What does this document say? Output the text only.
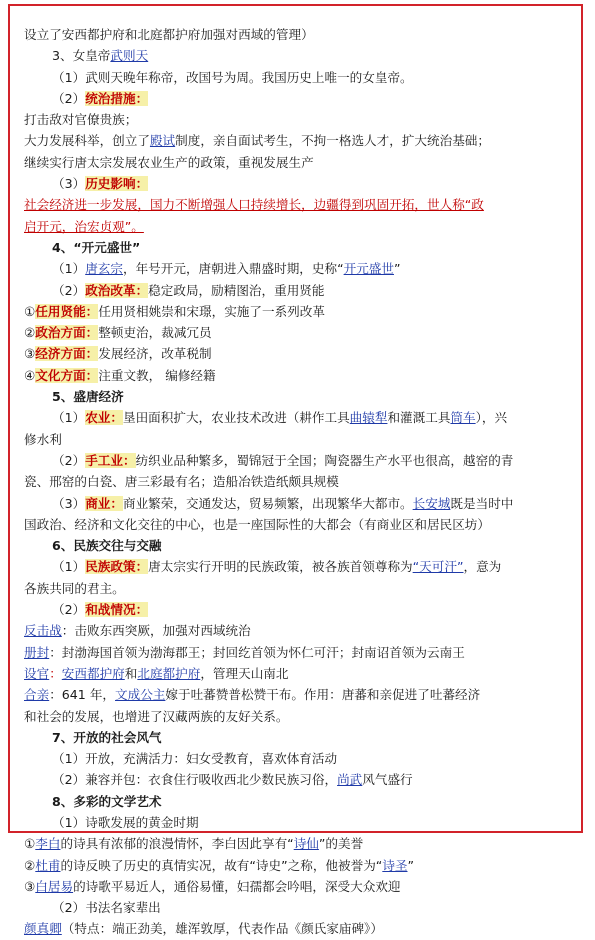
设立了安西都护府和北庭都护府加强对西域的管理）
3、女皇帝武则天
（1）武则天晚年称帝，改国号为周。我国历史上唯一的女皇帝。
（2）统治措施：
打击敌对官僚贵族；
大力发展科举，创立了殿试制度，亲自面试考生，不拘一格选人才，扩大统治基础；
继续实行唐太宗发展农业生产的政策，重视发展生产
（3）历史影响：
社会经济进一步发展，国力不断增强人口持续增长，边疆得到巩固开拓，世人称“政
启开元，治宏贞观”。
4、“开元盛世”
（1）唐玄宗，年号开元，唐朝进入鼎盛时期，史称“开元盛世”
（2）政治改革：稳定政局，励精图治，重用贤能
①任用贤能：任用贤相姚崇和宋璟，实施了一系列改革
②政治方面：整顿吏治，裁减冗员
③经济方面：发展经济，改革税制
④文化方面：注重文教， 编修经籍
5、盛唐经济
（1）农业：垦田面积扩大，农业技术改进（耕作工具曲辕犁和灌溉工具筒车），兴
修水利
（2）手工业：纺织业品种繁多，蜀锦冠于全国；陶瓷器生产水平也很高，越窑的青
瓷、邢窑的白瓷、唐三彩最有名；造船冶铁造纸颇具规模
（3）商业：商业繁荣，交通发达，贸易频繁，出现繁华大都市。长安城既是当时中
国政治、经济和文化交往的中心，也是一座国际性的大都会（有商业区和居民区坊）
6、民族交往与交融
（1）民族政策：唐太宗实行开明的民族政策，被各族首领尊称为“天可汗”，意为
各族共同的君主。
（2）和战情况：
反击战：击败东西突厥，加强对西域统治
册封：封渤海国首领为渤海郡王；封回纥首领为怀仁可汗；封南诏首领为云南王
设官：安西都护府和北庭都护府，管理天山南北
合亲：641 年，文成公主嫁于吐蕃赞普松赞干布。作用：唐蕃和亲促进了吐蕃经济
和社会的发展，也增进了汉藏两族的友好关系。
7、开放的社会风气
（1）开放，充满活力：妇女受教育，喜欢体育活动
（2）兼容并包：衣食住行吸收西北少数民族习俗，尚武风气盛行
8、多彩的文学艺术
（1）诗歌发展的黄金时期
①李白的诗具有浓郁的浪漫情怀，李白因此享有“诗仙”的美誉
②杜甫的诗反映了历史的真情实况，故有“诗史”之称，他被誉为“诗圣”
③白居易的诗歌平易近人，通俗易懂，妇孺都会吟唱，深受大众欢迎
（2）书法名家辈出
颜真卿（特点：端正劲美，雄浑敦厚，代表作品《颜氏家庙碑》）
